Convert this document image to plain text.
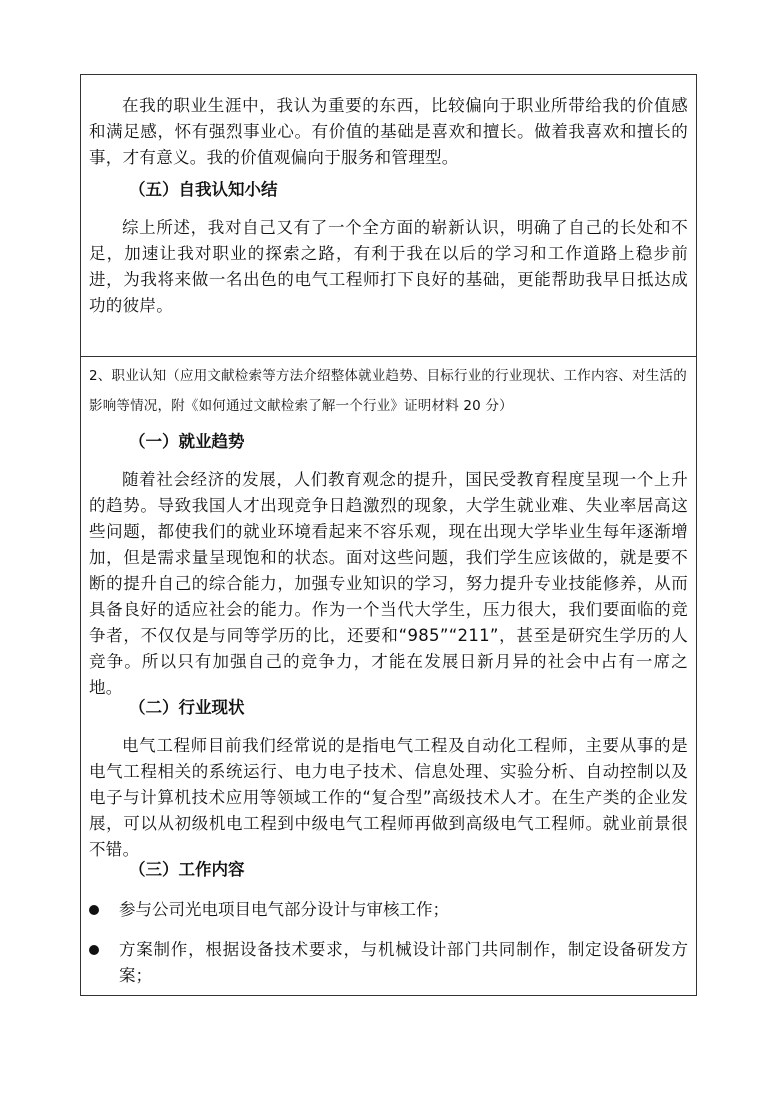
在我的职业生涯中，我认为重要的东西，比较偏向于职业所带给我的价值感和满足感，怀有强烈事业心。有价值的基础是喜欢和擅长。做着我喜欢和擅长的事，才有意义。我的价值观偏向于服务和管理型。

（五）自我认知小结

综上所述，我对自己又有了一个全方面的崭新认识，明确了自己的长处和不足，加速让我对职业的探索之路，有利于我在以后的学习和工作道路上稳步前进，为我将来做一名出色的电气工程师打下良好的基础，更能帮助我早日抵达成功的彼岸。

2、职业认知（应用文献检索等方法介绍整体就业趋势、目标行业的行业现状、工作内容、对生活的影响等情况，附《如何通过文献检索了解一个行业》证明材料 20 分）

（一）就业趋势

随着社会经济的发展，人们教育观念的提升，国民受教育程度呈现一个上升的趋势。导致我国人才出现竞争日趋激烈的现象，大学生就业难、失业率居高这些问题，都使我们的就业环境看起来不容乐观，现在出现大学毕业生每年逐渐增加，但是需求量呈现饱和的状态。面对这些问题，我们学生应该做的，就是要不断的提升自己的综合能力，加强专业知识的学习，努力提升专业技能修养，从而具备良好的适应社会的能力。作为一个当代大学生，压力很大，我们要面临的竞争者，不仅仅是与同等学历的比，还要和“985”“211”，甚至是研究生学历的人竞争。所以只有加强自己的竞争力，才能在发展日新月异的社会中占有一席之地。

（二）行业现状

电气工程师目前我们经常说的是指电气工程及自动化工程师，主要从事的是电气工程相关的系统运行、电力电子技术、信息处理、实验分析、自动控制以及电子与计算机技术应用等领域工作的“复合型”高级技术人才。在生产类的企业发展，可以从初级机电工程到中级电气工程师再做到高级电气工程师。就业前景很不错。

（三）工作内容

参与公司光电项目电气部分设计与审核工作；

方案制作，根据设备技术要求，与机械设计部门共同制作，制定设备研发方案；
